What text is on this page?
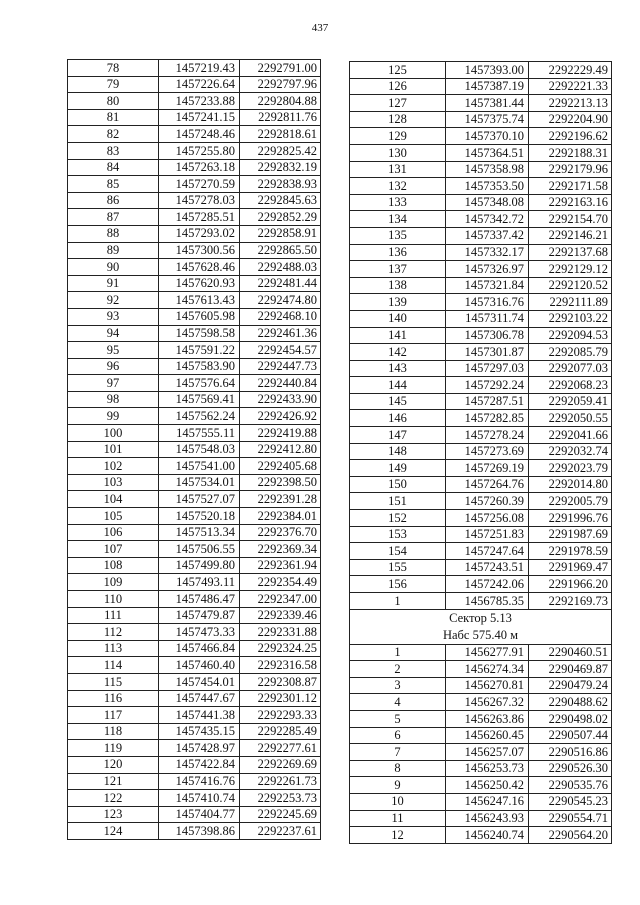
437
78	1457219.43	2292791.00
79	1457226.64	2292797.96
80	1457233.88	2292804.88
81	1457241.15	2292811.76
82	1457248.46	2292818.61
83	1457255.80	2292825.42
84	1457263.18	2292832.19
85	1457270.59	2292838.93
86	1457278.03	2292845.63
87	1457285.51	2292852.29
88	1457293.02	2292858.91
89	1457300.56	2292865.50
90	1457628.46	2292488.03
91	1457620.93	2292481.44
92	1457613.43	2292474.80
93	1457605.98	2292468.10
94	1457598.58	2292461.36
95	1457591.22	2292454.57
96	1457583.90	2292447.73
97	1457576.64	2292440.84
98	1457569.41	2292433.90
99	1457562.24	2292426.92
100	1457555.11	2292419.88
101	1457548.03	2292412.80
102	1457541.00	2292405.68
103	1457534.01	2292398.50
104	1457527.07	2292391.28
105	1457520.18	2292384.01
106	1457513.34	2292376.70
107	1457506.55	2292369.34
108	1457499.80	2292361.94
109	1457493.11	2292354.49
110	1457486.47	2292347.00
111	1457479.87	2292339.46
112	1457473.33	2292331.88
113	1457466.84	2292324.25
114	1457460.40	2292316.58
115	1457454.01	2292308.87
116	1457447.67	2292301.12
117	1457441.38	2292293.33
118	1457435.15	2292285.49
119	1457428.97	2292277.61
120	1457422.84	2292269.69
121	1457416.76	2292261.73
122	1457410.74	2292253.73
123	1457404.77	2292245.69
124	1457398.86	2292237.61
125	1457393.00	2292229.49
126	1457387.19	2292221.33
127	1457381.44	2292213.13
128	1457375.74	2292204.90
129	1457370.10	2292196.62
130	1457364.51	2292188.31
131	1457358.98	2292179.96
132	1457353.50	2292171.58
133	1457348.08	2292163.16
134	1457342.72	2292154.70
135	1457337.42	2292146.21
136	1457332.17	2292137.68
137	1457326.97	2292129.12
138	1457321.84	2292120.52
139	1457316.76	2292111.89
140	1457311.74	2292103.22
141	1457306.78	2292094.53
142	1457301.87	2292085.79
143	1457297.03	2292077.03
144	1457292.24	2292068.23
145	1457287.51	2292059.41
146	1457282.85	2292050.55
147	1457278.24	2292041.66
148	1457273.69	2292032.74
149	1457269.19	2292023.79
150	1457264.76	2292014.80
151	1457260.39	2292005.79
152	1457256.08	2291996.76
153	1457251.83	2291987.69
154	1457247.64	2291978.59
155	1457243.51	2291969.47
156	1457242.06	2291966.20
1	1456785.35	2292169.73
Сектор 5.13		
Набс 575.40 м		
1	1456277.91	2290460.51
2	1456274.34	2290469.87
3	1456270.81	2290479.24
4	1456267.32	2290488.62
5	1456263.86	2290498.02
6	1456260.45	2290507.44
7	1456257.07	2290516.86
8	1456253.73	2290526.30
9	1456250.42	2290535.76
10	1456247.16	2290545.23
11	1456243.93	2290554.71
12	1456240.74	2290564.20
